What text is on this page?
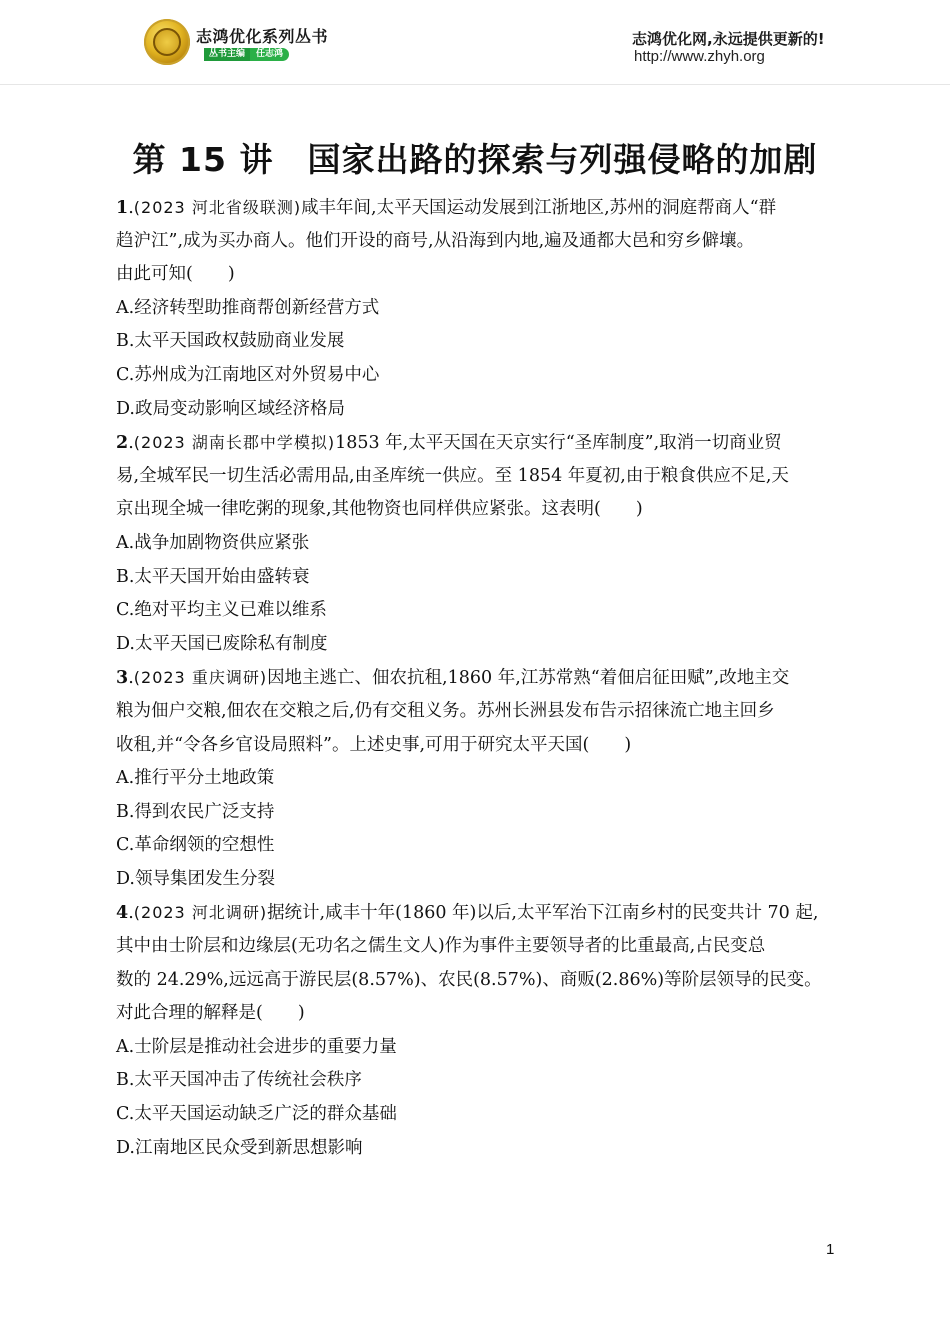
志鸿优化系列丛书
丛书主编	任志鸿
志鸿优化网,永远提供更新的!
http://www.zhyh.org
第 15 讲　国家出路的探索与列强侵略的加剧
1.(2023 河北省级联测)咸丰年间,太平天国运动发展到江浙地区,苏州的洞庭帮商人“群
趋沪江”,成为买办商人。他们开设的商号,从沿海到内地,遍及通都大邑和穷乡僻壤。
由此可知(　　)
A.经济转型助推商帮创新经营方式
B.太平天国政权鼓励商业发展
C.苏州成为江南地区对外贸易中心
D.政局变动影响区域经济格局
2.(2023 湖南长郡中学模拟)1853 年,太平天国在天京实行“圣库制度”,取消一切商业贸
易,全城军民一切生活必需用品,由圣库统一供应。至 1854 年夏初,由于粮食供应不足,天
京出现全城一律吃粥的现象,其他物资也同样供应紧张。这表明(　　)
A.战争加剧物资供应紧张
B.太平天国开始由盛转衰
C.绝对平均主义已难以维系
D.太平天国已废除私有制度
3.(2023 重庆调研)因地主逃亡、佃农抗租,1860 年,江苏常熟“着佃启征田赋”,改地主交
粮为佃户交粮,佃农在交粮之后,仍有交租义务。苏州长洲县发布告示招徕流亡地主回乡
收租,并“令各乡官设局照料”。上述史事,可用于研究太平天国(　　)
A.推行平分土地政策
B.得到农民广泛支持
C.革命纲领的空想性
D.领导集团发生分裂
4.(2023 河北调研)据统计,咸丰十年(1860 年)以后,太平军治下江南乡村的民变共计 70 起,
其中由士阶层和边缘层(无功名之儒生文人)作为事件主要领导者的比重最高,占民变总
数的 24.29%,远远高于游民层(8.57%)、农民(8.57%)、商贩(2.86%)等阶层领导的民变。
对此合理的解释是(　　)
A.士阶层是推动社会进步的重要力量
B.太平天国冲击了传统社会秩序
C.太平天国运动缺乏广泛的群众基础
D.江南地区民众受到新思想影响
1
